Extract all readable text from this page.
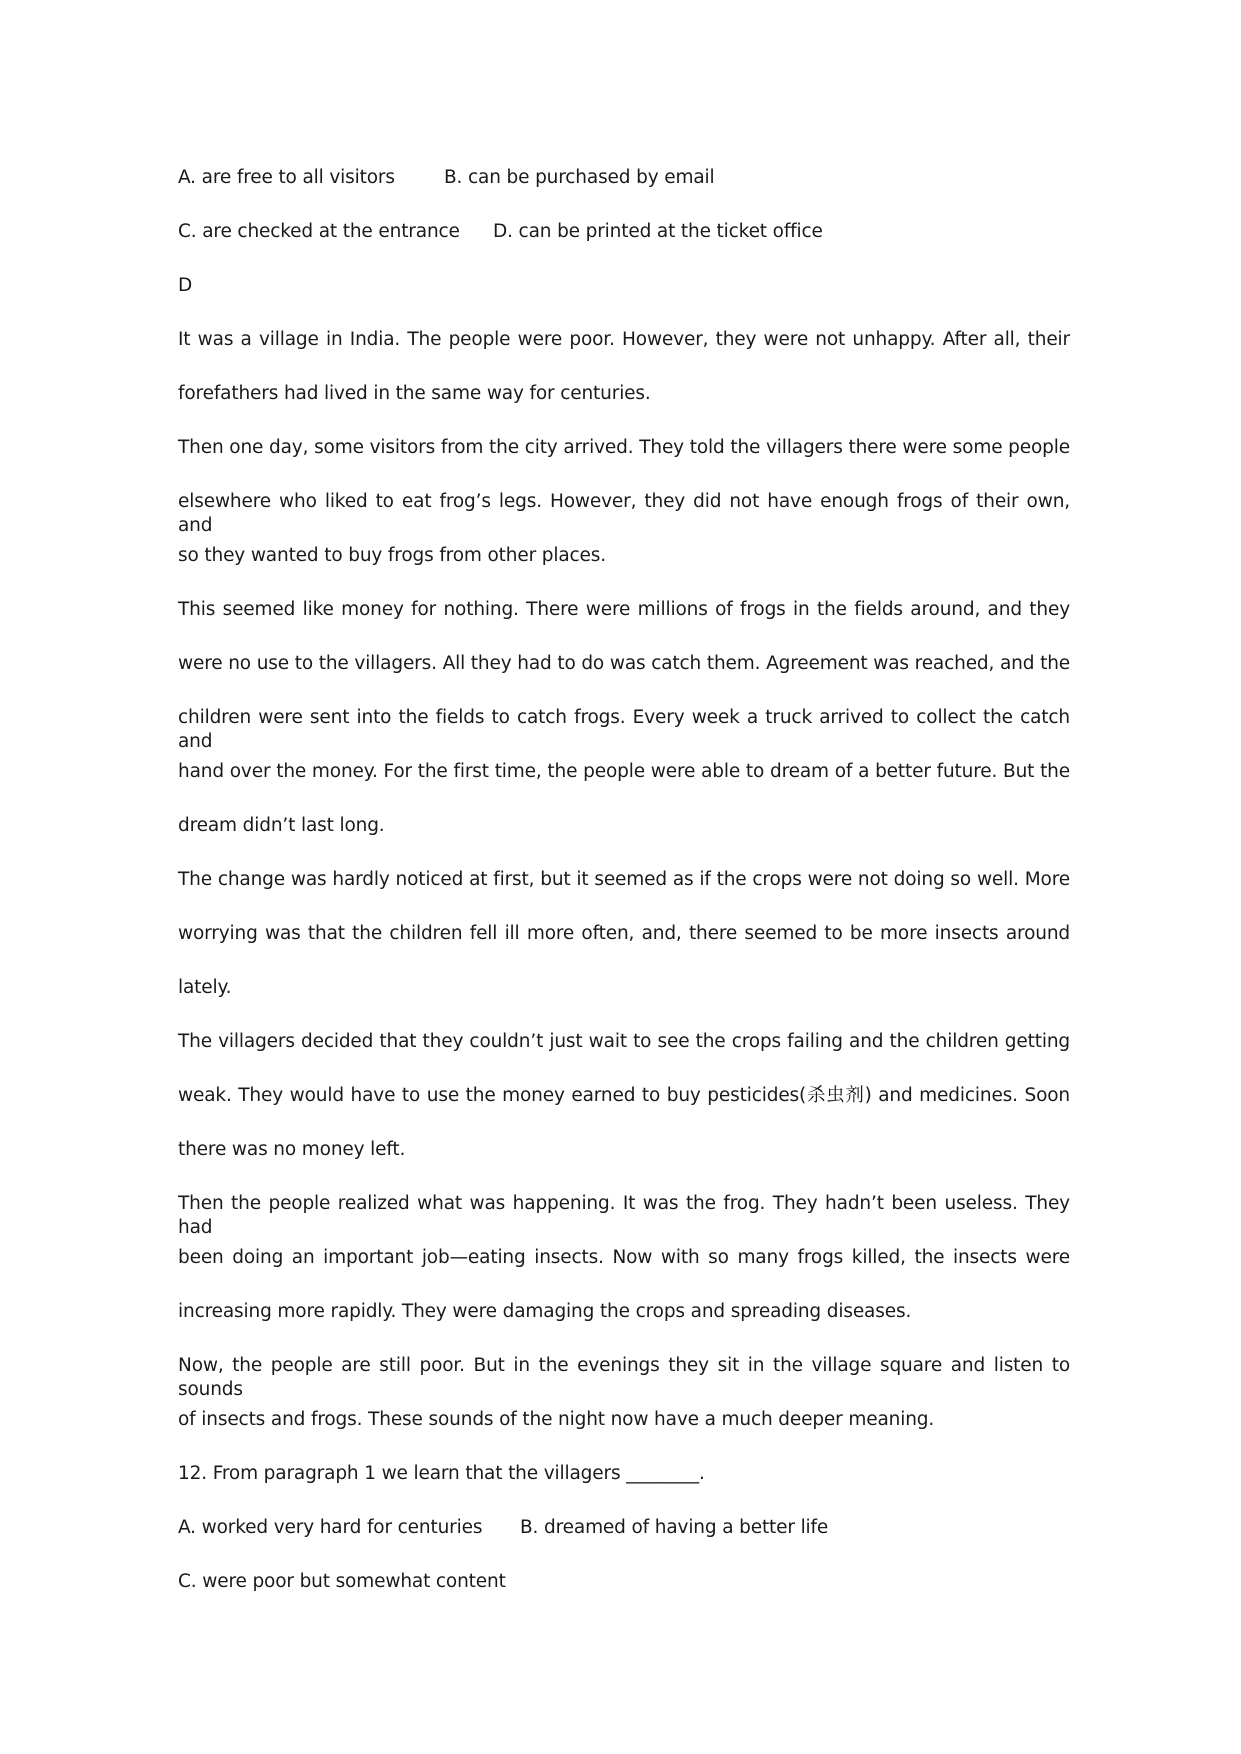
A. are free to all visitors	B. can be purchased by email
C. are checked at the entrance D. can be printed at the ticket office
D
It was a village in India. The people were poor. However, they were not unhappy. After all, their
forefathers had lived in the same way for centuries.
Then one day, some visitors from the city arrived. They told the villagers there were some people
elsewhere who liked to eat frog’s legs. However, they did not have enough frogs of their own, and
so they wanted to buy frogs from other places.
This seemed like money for nothing. There were millions of frogs in the fields around, and they
were no use to the villagers. All they had to do was catch them. Agreement was reached, and the
children were sent into the fields to catch frogs. Every week a truck arrived to collect the catch and
hand over the money. For the first time, the people were able to dream of a better future. But the
dream didn’t last long.
The change was hardly noticed at first, but it seemed as if the crops were not doing so well. More
worrying was that the children fell ill more often, and, there seemed to be more insects around
lately.
The villagers decided that they couldn’t just wait to see the crops failing and the children getting
weak. They would have to use the money earned to buy pesticides(杀虫剂) and medicines. Soon
there was no money left.
Then the people realized what was happening. It was the frog. They hadn’t been useless. They had
been doing an important job—eating insects. Now with so many frogs killed, the insects were
increasing more rapidly. They were damaging the crops and spreading diseases.
Now, the people are still poor. But in the evenings they sit in the village square and listen to sounds
of insects and frogs. These sounds of the night now have a much deeper meaning.
12. From paragraph 1 we learn that the villagers ________.
A. worked very hard for centuries B. dreamed of having a better life
C. were poor but somewhat content
